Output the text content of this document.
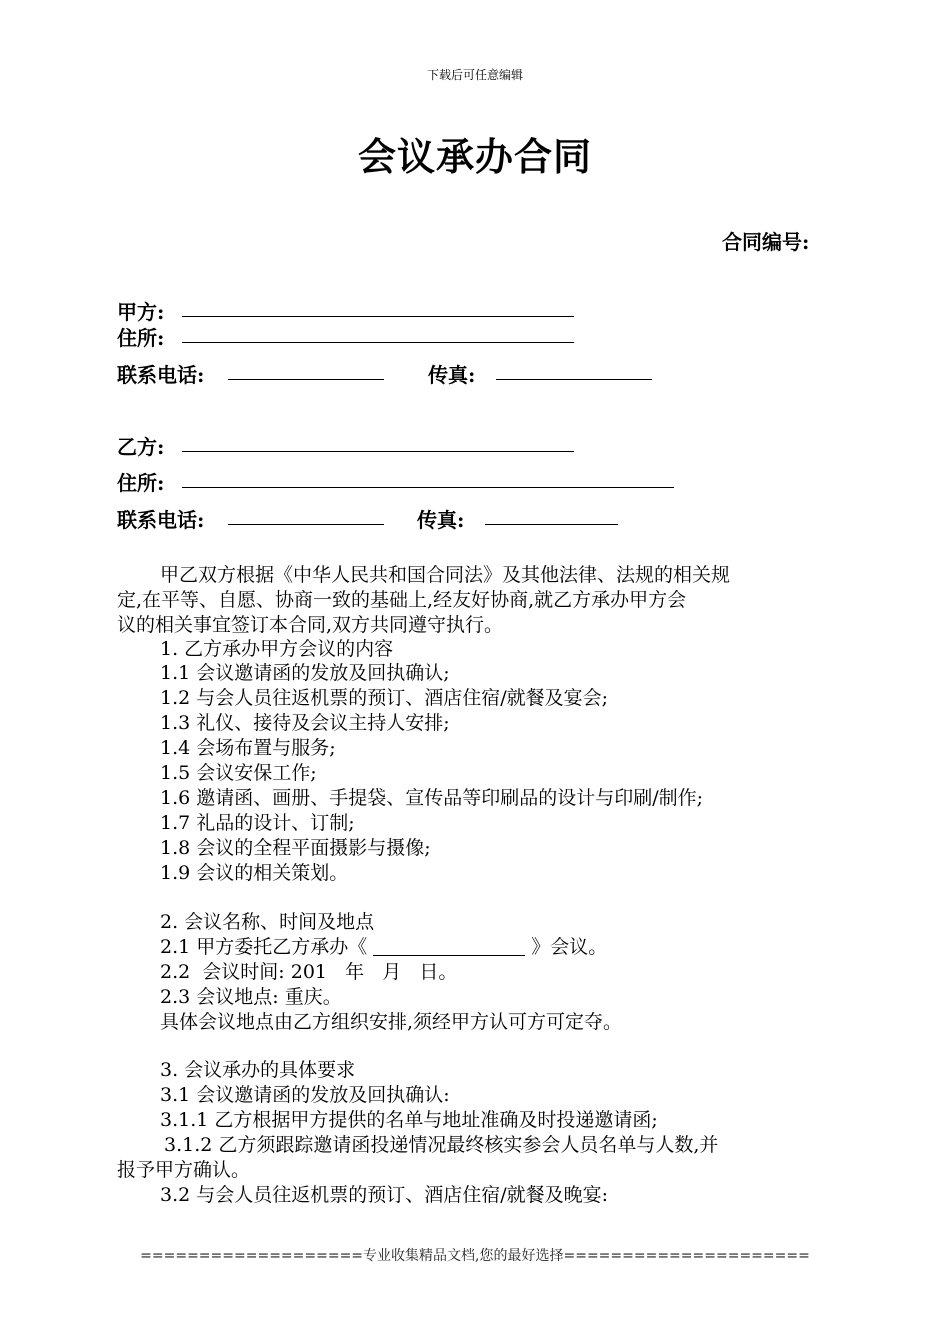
下载后可任意编辑
会议承办合同
合同编号:
甲方:
住所:
联系电话:	传真:
乙方:
住所:
联系电话:	传真:
甲乙双方根据《中华人民共和国合同法》及其他法律、法规的相关规
定,在平等、自愿、协商一致的基础上,经友好协商,就乙方承办甲方会
议的相关事宜签订本合同,双方共同遵守执行。
1. 乙方承办甲方会议的内容
1.1 会议邀请函的发放及回执确认;
1.2 与会人员往返机票的预订、酒店住宿/就餐及宴会;
1.3 礼仪、接待及会议主持人安排;
1.4 会场布置与服务;
1.5 会议安保工作;
1.6 邀请函、画册、手提袋、宣传品等印刷品的设计与印刷/制作;
1.7 礼品的设计、订制;
1.8 会议的全程平面摄影与摄像;
1.9 会议的相关策划。
2. 会议名称、时间及地点
2.1 甲方委托乙方承办《	》会议。
2.2  会议时间: 201   年   月   日。
2.3 会议地点: 重庆。
具体会议地点由乙方组织安排,须经甲方认可方可定夺。
3. 会议承办的具体要求
3.1 会议邀请函的发放及回执确认:
3.1.1 乙方根据甲方提供的名单与地址准确及时投递邀请函;
3.1.2 乙方须跟踪邀请函投递情况最终核实参会人员名单与人数,并
报予甲方确认。
3.2 与会人员往返机票的预订、酒店住宿/就餐及晚宴:
===================专业收集精品文档,您的最好选择=====================
